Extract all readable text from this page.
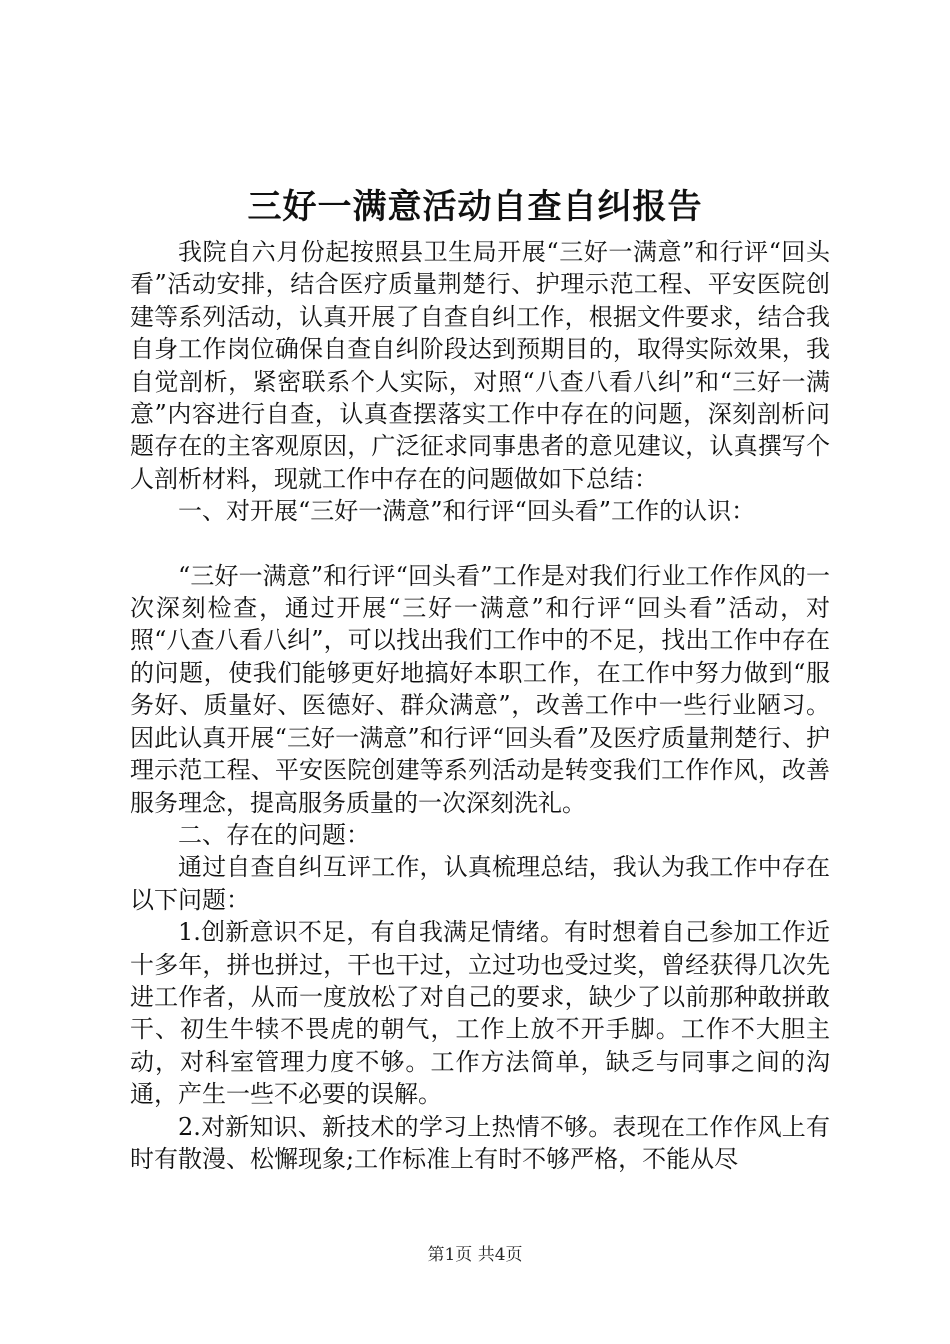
三好一满意活动自查自纠报告

我院自六月份起按照县卫生局开展“三好一满意”和行评“回头看”活动安排，结合医疗质量荆楚行、护理示范工程、平安医院创建等系列活动，认真开展了自查自纠工作，根据文件要求，结合我自身工作岗位确保自查自纠阶段达到预期目的，取得实际效果，我自觉剖析，紧密联系个人实际，对照“八查八看八纠”和“三好一满意”内容进行自查，认真查摆落实工作中存在的问题，深刻剖析问题存在的主客观原因，广泛征求同事患者的意见建议，认真撰写个人剖析材料，现就工作中存在的问题做如下总结：

一、对开展“三好一满意”和行评“回头看”工作的认识：

“三好一满意”和行评“回头看”工作是对我们行业工作作风的一次深刻检查，通过开展“三好一满意”和行评“回头看”活动，对照“八查八看八纠”，可以找出我们工作中的不足，找出工作中存在的问题，使我们能够更好地搞好本职工作，在工作中努力做到“服务好、质量好、医德好、群众满意”，改善工作中一些行业陋习。因此认真开展“三好一满意”和行评“回头看”及医疗质量荆楚行、护理示范工程、平安医院创建等系列活动是转变我们工作作风，改善服务理念，提高服务质量的一次深刻洗礼。

二、存在的问题：

通过自查自纠互评工作，认真梳理总结，我认为我工作中存在以下问题：

1.创新意识不足，有自我满足情绪。有时想着自己参加工作近十多年，拼也拼过，干也干过，立过功也受过奖，曾经获得几次先进工作者，从而一度放松了对自己的要求，缺少了以前那种敢拼敢干、初生牛犊不畏虎的朝气，工作上放不开手脚。工作不大胆主动，对科室管理力度不够。工作方法简单，缺乏与同事之间的沟通，产生一些不必要的误解。

2.对新知识、新技术的学习上热情不够。表现在工作作风上有时有散漫、松懈现象;工作标准上有时不够严格，不能从尽

第1页 共4页
